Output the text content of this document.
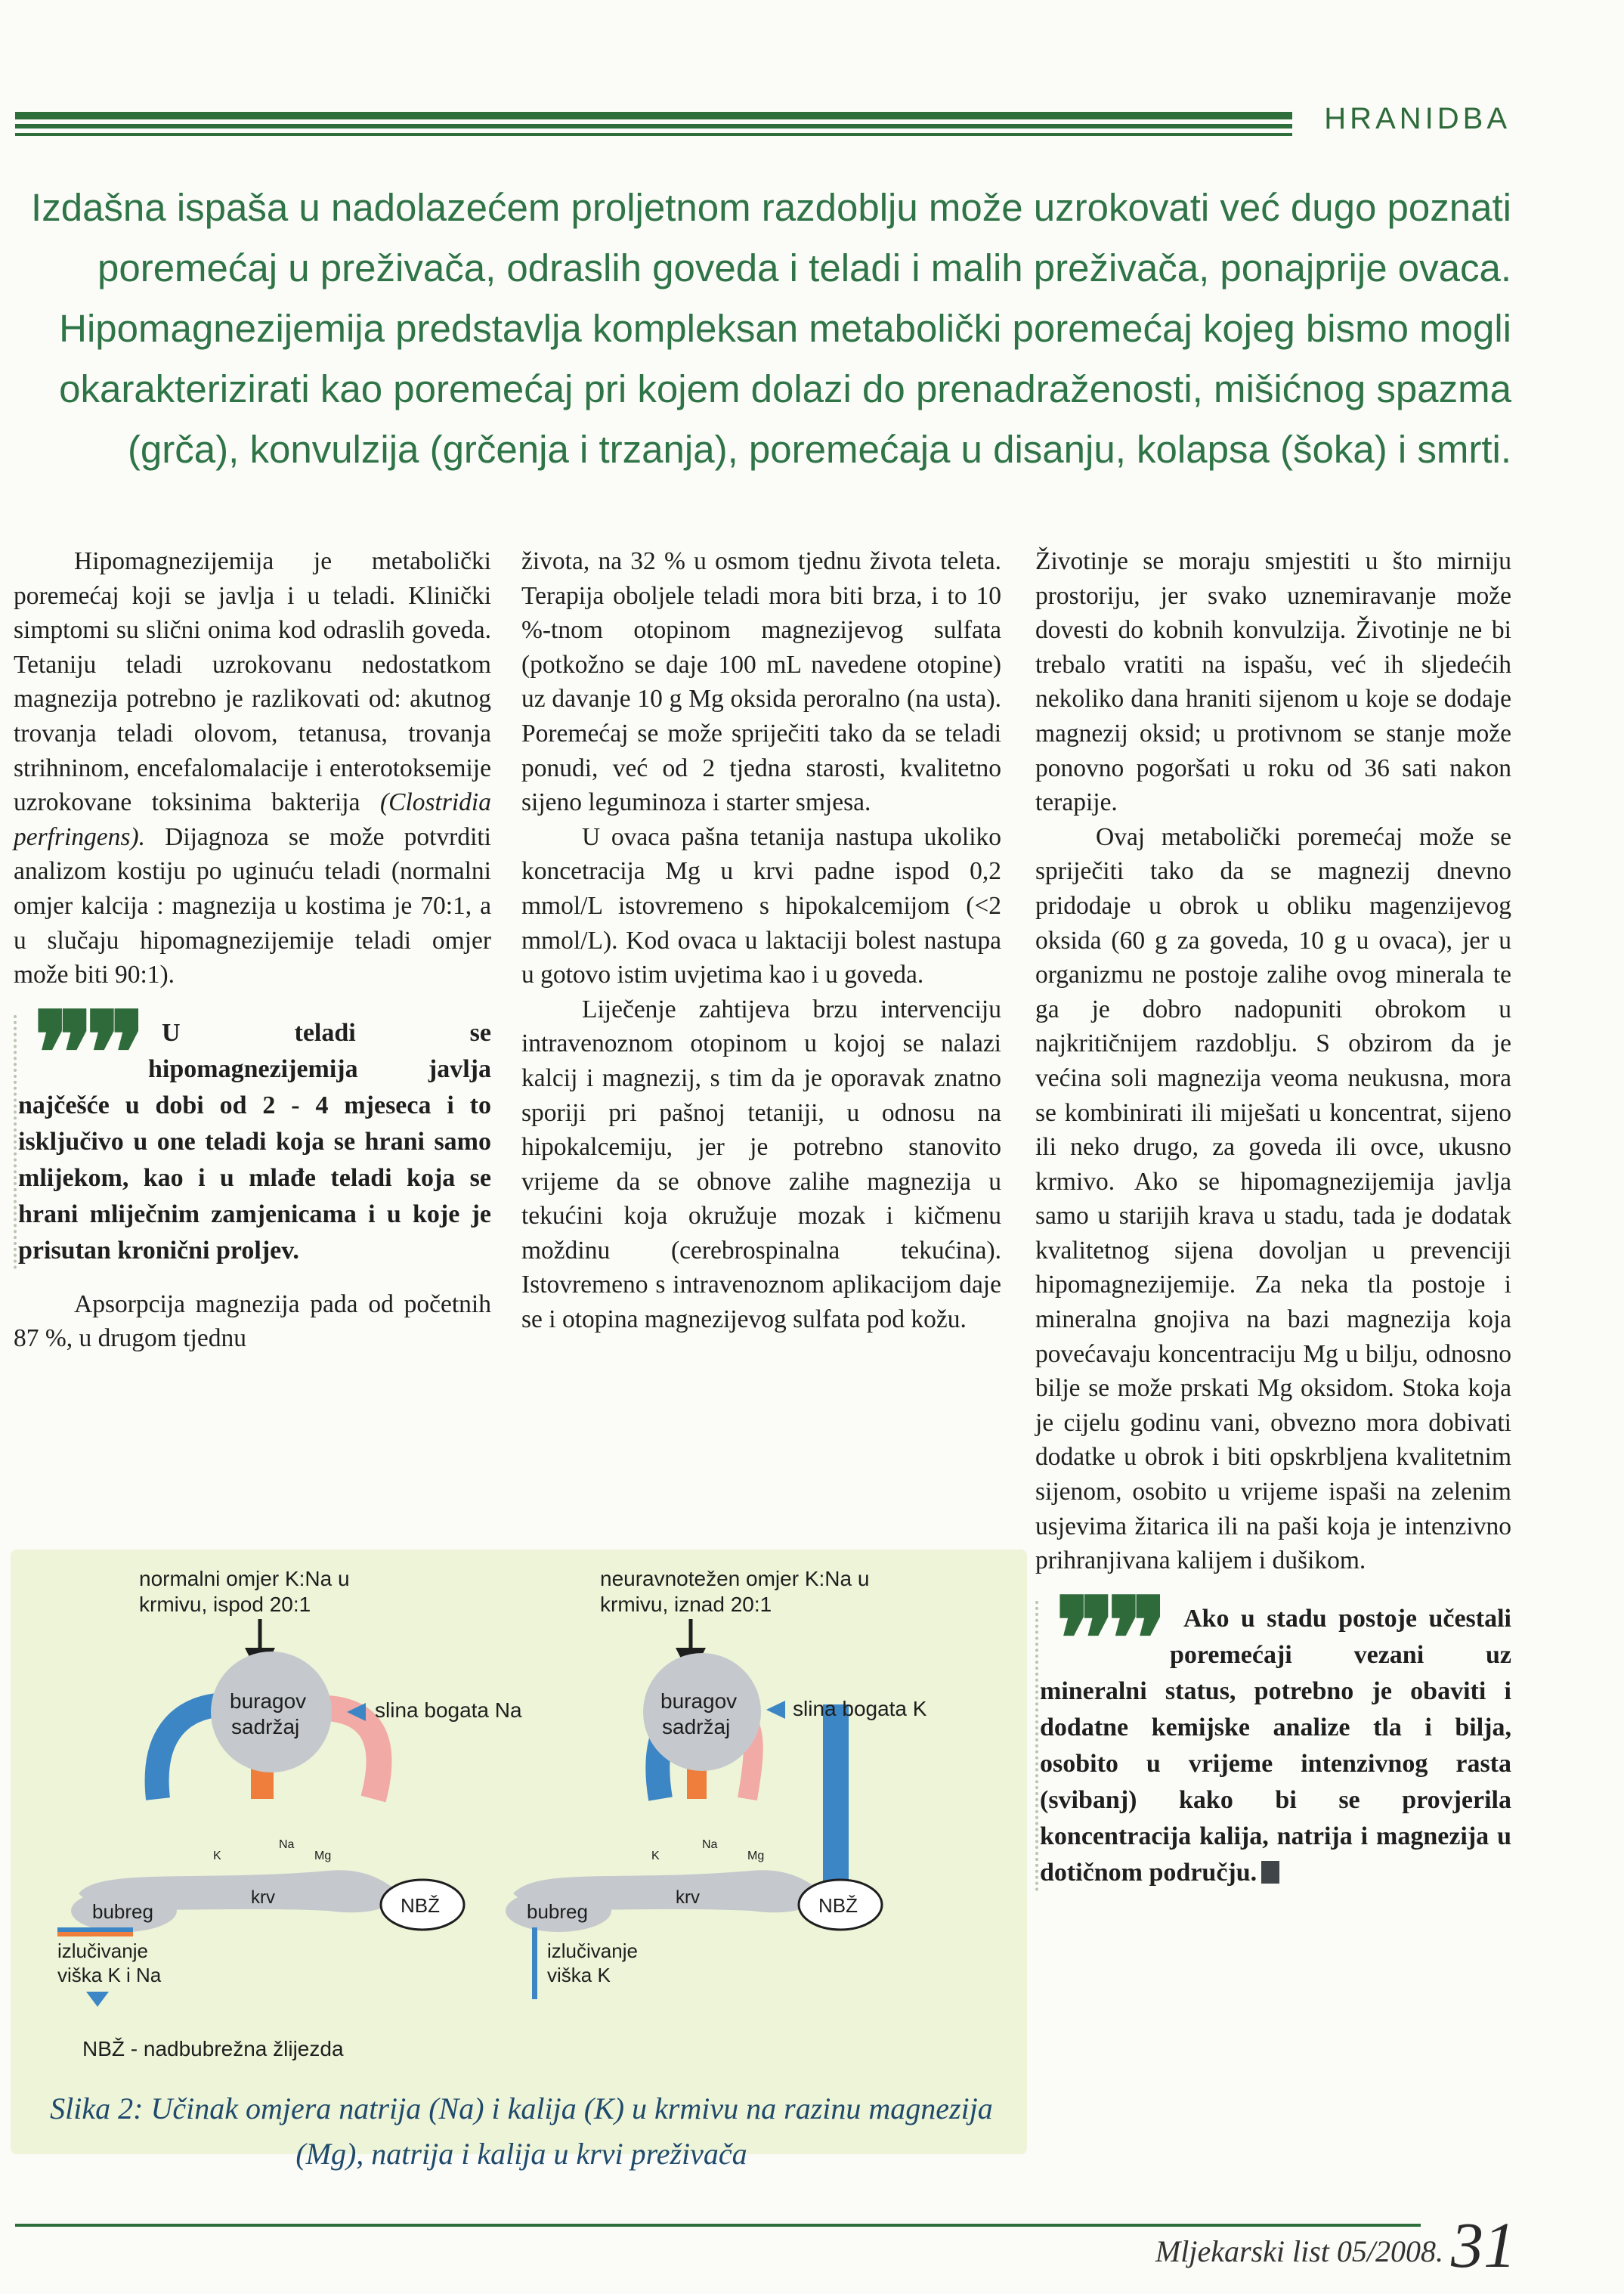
HRANIDBA

Izdašna ispaša u nadolazećem proljetnom razdoblju može uzrokovati već dugo poznati poremećaj u preživača, odraslih goveda i teladi i malih preživača, ponajprije ovaca. Hipomagnezijemija predstavlja kompleksan metabolički poremećaj kojeg bismo mogli okarakterizirati kao poremećaj pri kojem dolazi do prenadraženosti, mišićnog spazma (grča), konvulzija (grčenja i trzanja), poremećaja u disanju, kolapsa (šoka) i smrti.

Hipomagnezijemija je metabolički poremećaj koji se javlja i u teladi. Klinički simptomi su slični onima kod odraslih goveda. Tetaniju teladi uzrokovanu nedostatkom magnezija potrebno je razlikovati od: akutnog trovanja teladi olovom, tetanusa, trovanja strihninom, encefalomalacije i enterotoksemije uzrokovane toksinima bakterija (Clostridia perfringens). Dijagnoza se može potvrditi analizom kostiju po uginuću teladi (normalni omjer kalcija : magnezija u kostima je 70:1, a u slučaju hipomagnezijemije teladi omjer može biti 90:1).

❞❞ U teladi se hipomagnezijemija javlja najčešće u dobi od 2 - 4 mjeseca i to isključivo u one teladi koja se hrani samo mlijekom, kao i u mlađe teladi koja se hrani mliječnim zamjenicama i u koje je prisutan kronični proljev.

Apsorpcija magnezija pada od početnih 87 %, u drugom tjednu

života, na 32 % u osmom tjednu života teleta. Terapija oboljele teladi mora biti brza, i to 10 %-tnom otopinom magnezijevog sulfata (potkožno se daje 100 mL navedene otopine) uz davanje 10 g Mg oksida peroralno (na usta). Poremećaj se može spriječiti tako da se teladi ponudi, već od 2 tjedna starosti, kvalitetno sijeno leguminoza i starter smjesa.

U ovaca pašna tetanija nastupa ukoliko koncetracija Mg u krvi padne ispod 0,2 mmol/L istovremeno s hipokalcemijom (<2 mmol/L). Kod ovaca u laktaciji bolest nastupa u gotovo istim uvjetima kao i u goveda.

Liječenje zahtijeva brzu intervenciju intravenoznom otopinom u kojoj se nalazi kalcij i magnezij, s tim da je oporavak znatno sporiji pri pašnoj tetaniji, u odnosu na hipokalcemiju, jer je potrebno stanovito vrijeme da se obnove zalihe magnezija u tekućini koja okružuje mozak i kičmenu moždinu (cerebrospinalna tekućina). Istovremeno s intravenoznom aplikacijom daje se i otopina magnezijevog sulfata pod kožu.

Životinje se moraju smjestiti u što mirniju prostoriju, jer svako uznemiravanje može dovesti do kobnih konvulzija. Životinje ne bi trebalo vratiti na ispašu, već ih sljedećih nekoliko dana hraniti sijenom u koje se dodaje magnezij oksid; u protivnom se stanje može ponovno pogoršati u roku od 36 sati nakon terapije.

Ovaj metabolički poremećaj može se spriječiti tako da se magnezij dnevno pridodaje u obrok u obliku magenzijevog oksida (60 g za goveda, 10 g u ovaca), jer u organizmu ne postoje zalihe ovog minerala te ga je dobro nadopuniti obrokom u najkritičnijem razdoblju. S obzirom da je većina soli magnezija veoma neukusna, mora se kombinirati ili miješati u koncentrat, sijeno ili neko drugo, za goveda ili ovce, ukusno krmivo. Ako se hipomagnezijemija javlja samo u starijih krava u stadu, tada je dodatak kvalitetnog sijena dovoljan u prevenciji hipomagnezijemije. Za neka tla postoje i mineralna gnojiva na bazi magnezija koja povećavaju koncentraciju Mg u bilju, odnosno bilje se može prskati Mg oksidom. Stoka koja je cijelu godinu vani, obvezno mora dobivati dodatke u obrok i biti opskrbljena kvalitetnim sijenom, osobito u vrijeme ispaši na zelenim usjevima žitarica ili na paši koja je intenzivno prihranjivana kalijem i dušikom.

❞❞ Ako u stadu postoje učestali poremećaji vezani uz mineralni status, potrebno je obaviti i dodatne kemijske analize tla i bilja, osobito u vrijeme intenzivnog rasta (svibanj) kako bi se provjerila koncentracija kalija, natrija i magnezija u dotičnom području.
normalni omjer K:Na u
krmivu, ispod 20:1
buragov
sadržaj
slina bogata Na
K
Na
Mg
krv
bubreg	NBŽ
izlučivanje
viška K i Na
NBŽ - nadbubrežna žlijezda
neuravnotežen omjer K:Na u
krmivu, iznad 20:1
buragov
sadržaj
slina bogata K
K
Na
Mg
krv
bubreg	NBŽ
izlučivanje
viška K
Slika 2: Učinak omjera natrija (Na) i kalija (K) u krmivu na razinu magnezija (Mg), natrija i kalija u krvi preživača
Mljekarski list 05/2008. 31
